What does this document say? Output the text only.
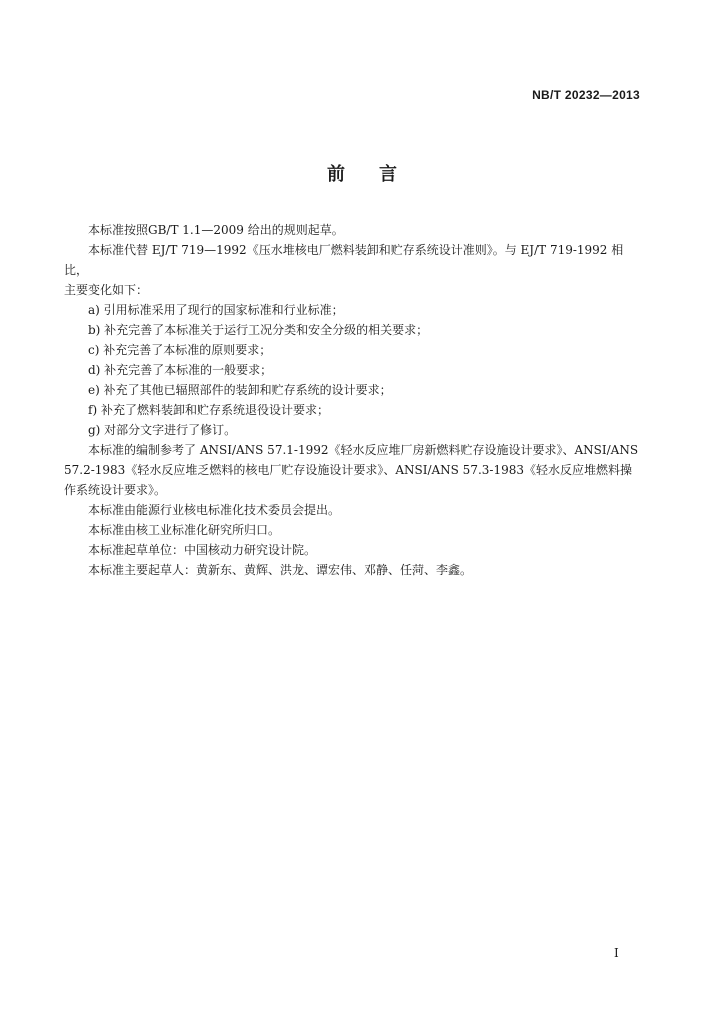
NB/T 20232—2013
前 言

本标准按照GB/T 1.1—2009 给出的规则起草。

本标准代替 EJ/T 719—1992《压水堆核电厂燃料装卸和贮存系统设计准则》。与 EJ/T 719-1992 相比，

主要变化如下：

a) 引用标准采用了现行的国家标准和行业标准；

b) 补充完善了本标准关于运行工况分类和安全分级的相关要求；

c) 补充完善了本标准的原则要求；

d) 补充完善了本标准的一般要求；

e) 补充了其他已辐照部件的装卸和贮存系统的设计要求；

f) 补充了燃料装卸和贮存系统退役设计要求；

g) 对部分文字进行了修订。

本标准的编制参考了 ANSI/ANS 57.1-1992《轻水反应堆厂房新燃料贮存设施设计要求》、ANSI/ANS

57.2-1983《轻水反应堆乏燃料的核电厂贮存设施设计要求》、ANSI/ANS 57.3-1983《轻水反应堆燃料操

作系统设计要求》。

本标准由能源行业核电标准化技术委员会提出。

本标准由核工业标准化研究所归口。

本标准起草单位：中国核动力研究设计院。

本标准主要起草人：黄新东、黄辉、洪龙、谭宏伟、邓静、任菏、李鑫。

I
